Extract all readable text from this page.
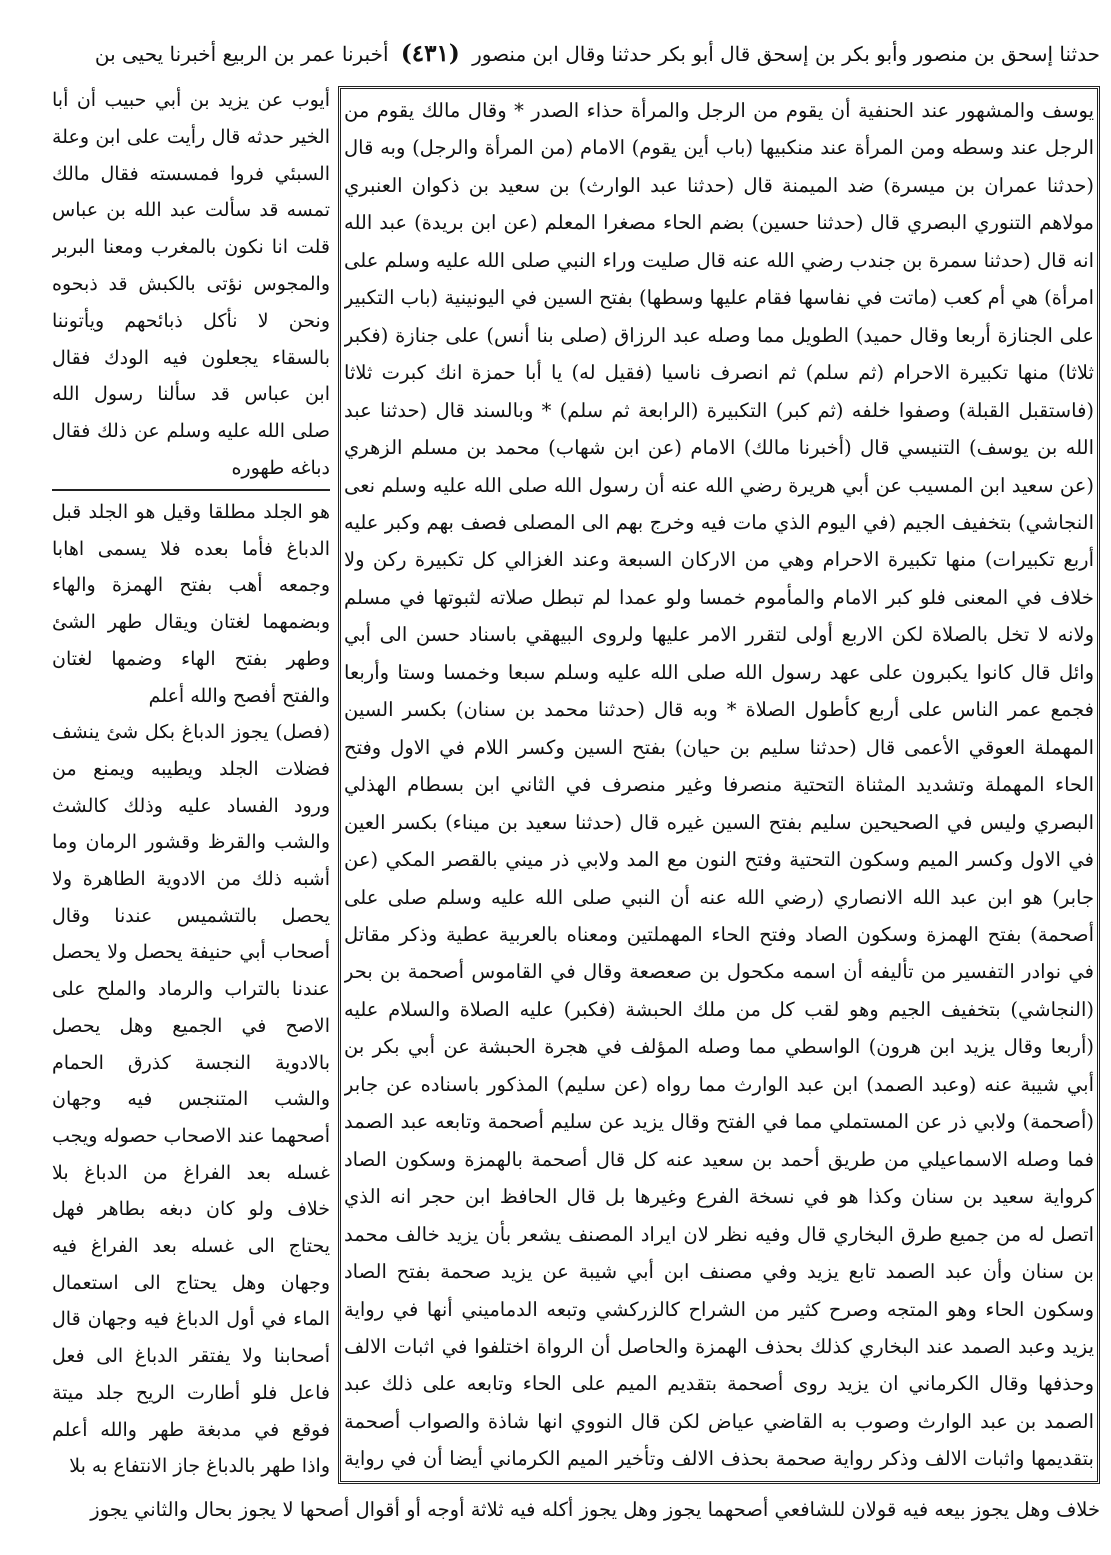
حدثنا إسحق بن منصور وأبو بكر بن إسحق قال أبو بكر حدثنا وقال ابن منصور (٤٣١) أخبرنا عمر بن الربيع أخبرنا يحيى بن

يوسف والمشهور عند الحنفية أن يقوم من الرجل والمرأة حذاء الصدر * وقال مالك يقوم من الرجل عند وسطه ومن المرأة عند منكبيها (باب أين يقوم) الامام (من المرأة والرجل) وبه قال (حدثنا عمران بن ميسرة) ضد الميمنة قال (حدثنا عبد الوارث) بن سعيد بن ذكوان العنبري مولاهم التنوري البصري قال (حدثنا حسين) بضم الحاء مصغرا المعلم (عن ابن بريدة) عبد الله انه قال (حدثنا سمرة بن جندب رضي الله عنه قال صليت وراء النبي صلى الله عليه وسلم على امرأة) هي أم كعب (ماتت في نفاسها فقام عليها وسطها) بفتح السين في اليونينية (باب التكبير على الجنازة أربعا وقال حميد) الطويل مما وصله عبد الرزاق (صلى بنا أنس) على جنازة (فكبر ثلاثا) منها تكبيرة الاحرام (ثم سلم) ثم انصرف ناسيا (فقيل له) يا أبا حمزة انك كبرت ثلاثا (فاستقبل القبلة) وصفوا خلفه (ثم كبر) التكبيرة (الرابعة ثم سلم) * وبالسند قال (حدثنا عبد الله بن يوسف) التنيسي قال (أخبرنا مالك) الامام (عن ابن شهاب) محمد بن مسلم الزهري (عن سعيد ابن المسيب عن أبي هريرة رضي الله عنه أن رسول الله صلى الله عليه وسلم نعى النجاشي) بتخفيف الجيم (في اليوم الذي مات فيه وخرج بهم الى المصلى فصف بهم وكبر عليه أربع تكبيرات) منها تكبيرة الاحرام وهي من الاركان السبعة وعند الغزالي كل تكبيرة ركن ولا خلاف في المعنى فلو كبر الامام والمأموم خمسا ولو عمدا لم تبطل صلاته لثبوتها في مسلم ولانه لا تخل بالصلاة لكن الاربع أولى لتقرر الامر عليها ولروى البيهقي باسناد حسن الى أبي وائل قال كانوا يكبرون على عهد رسول الله صلى الله عليه وسلم سبعا وخمسا وستا وأربعا فجمع عمر الناس على أربع كأطول الصلاة * وبه قال (حدثنا محمد بن سنان) بكسر السين المهملة العوقي الأعمى قال (حدثنا سليم بن حيان) بفتح السين وكسر اللام في الاول وفتح الحاء المهملة وتشديد المثناة التحتية منصرفا وغير منصرف في الثاني ابن بسطام الهذلي البصري وليس في الصحيحين سليم بفتح السين غيره قال (حدثنا سعيد بن ميناء) بكسر العين في الاول وكسر الميم وسكون التحتية وفتح النون مع المد ولابي ذر ميني بالقصر المكي (عن جابر) هو ابن عبد الله الانصاري (رضي الله عنه أن النبي صلى الله عليه وسلم صلى على أصحمة) بفتح الهمزة وسكون الصاد وفتح الحاء المهملتين ومعناه بالعربية عطية وذكر مقاتل في نوادر التفسير من تأليفه أن اسمه مكحول بن صعصعة وقال في القاموس أصحمة بن بحر (النجاشي) بتخفيف الجيم وهو لقب كل من ملك الحبشة (فكبر) عليه الصلاة والسلام عليه (أربعا وقال يزيد ابن هرون) الواسطي مما وصله المؤلف في هجرة الحبشة عن أبي بكر بن أبي شيبة عنه (وعبد الصمد) ابن عبد الوارث مما رواه (عن سليم) المذكور باسناده عن جابر (أصحمة) ولابي ذر عن المستملي مما في الفتح وقال يزيد عن سليم أصحمة وتابعه عبد الصمد فما وصله الاسماعيلي من طريق أحمد بن سعيد عنه كل قال أصحمة بالهمزة وسكون الصاد كرواية سعيد بن سنان وكذا هو في نسخة الفرع وغيرها بل قال الحافظ ابن حجر انه الذي اتصل له من جميع طرق البخاري قال وفيه نظر لان ايراد المصنف يشعر بأن يزيد خالف محمد بن سنان وأن عبد الصمد تابع يزيد وفي مصنف ابن أبي شيبة عن يزيد صحمة بفتح الصاد وسكون الحاء وهو المتجه وصرح كثير من الشراح كالزركشي وتبعه الدماميني أنها في رواية يزيد وعبد الصمد عند البخاري كذلك بحذف الهمزة والحاصل أن الرواة اختلفوا في اثبات الالف وحذفها وقال الكرماني ان يزيد روى أصحمة بتقديم الميم على الحاء وتابعه على ذلك عبد الصمد بن عبد الوارث وصوب به القاضي عياض لكن قال النووي انها شاذة والصواب أصحمة بتقديمها واثبات الالف وذكر رواية صحمة بحذف الالف وتأخير الميم الكرماني أيضا أن في رواية

أيوب عن يزيد بن أبي حبيب أن أبا الخير حدثه قال رأيت على ابن وعلة السبئي فروا فمسسته فقال مالك تمسه قد سألت عبد الله بن عباس قلت انا نكون بالمغرب ومعنا البربر والمجوس نؤتى بالكبش قد ذبحوه ونحن لا نأكل ذبائحهم ويأتوننا بالسقاء يجعلون فيه الودك فقال ابن عباس قد سألنا رسول الله صلى الله عليه وسلم عن ذلك فقال دباغه طهوره

هو الجلد مطلقا وقيل هو الجلد قبل الدباغ فأما بعده فلا يسمى اهابا وجمعه أهب بفتح الهمزة والهاء وبضمهما لغتان ويقال طهر الشئ وطهر بفتح الهاء وضمها لغتان والفتح أفصح والله أعلم

(فصل) يجوز الدباغ بكل شئ ينشف فضلات الجلد ويطيبه ويمنع من ورود الفساد عليه وذلك كالشث والشب والقرظ وقشور الرمان وما أشبه ذلك من الادوية الطاهرة ولا يحصل بالتشميس عندنا وقال أصحاب أبي حنيفة يحصل ولا يحصل عندنا بالتراب والرماد والملح على الاصح في الجميع وهل يحصل بالادوية النجسة كذرق الحمام والشب المتنجس فيه وجهان أصحهما عند الاصحاب حصوله ويجب غسله بعد الفراغ من الدباغ بلا خلاف ولو كان دبغه بطاهر فهل يحتاج الى غسله بعد الفراغ فيه وجهان وهل يحتاج الى استعمال الماء في أول الدباغ فيه وجهان قال أصحابنا ولا يفتقر الدباغ الى فعل فاعل فلو أطارت الريح جلد ميتة فوقع في مدبغة طهر والله أعلم واذا طهر بالدباغ جاز الانتفاع به بلا

خلاف وهل يجوز بيعه فيه قولان للشافعي أصحهما يجوز وهل يجوز أكله فيه ثلاثة أوجه أو أقوال أصحها لا يجوز بحال والثاني يجوز
